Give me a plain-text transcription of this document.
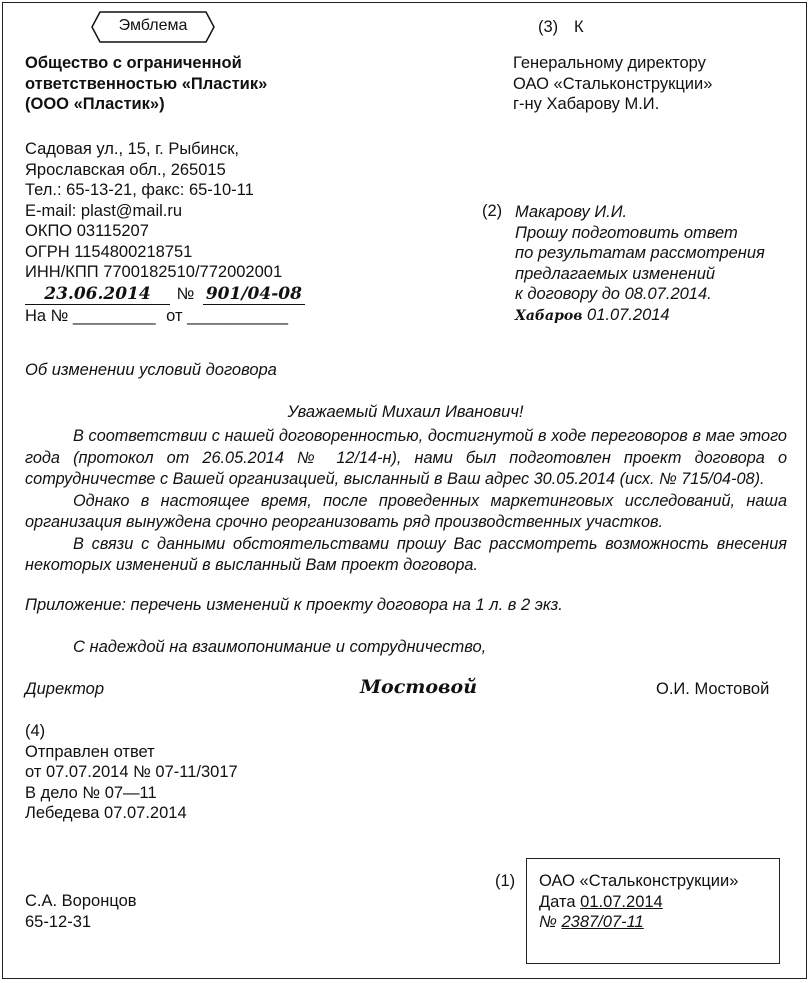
Эмблема	(3) К
Общество с ограниченной
ответственностью «Пластик»
(ООО «Пластик»)
Генеральному директору
ОАО «Стальконструкции»
г-ну Хабарову М.И.
Садовая ул., 15, г. Рыбинск,
Ярославская обл., 265015
Тел.: 65-13-21, факс: 65-10-11
E-mail: plast@mail.ru
ОКПО 03115207
ОГРН 1154800218751
ИНН/КПП 7700182510/772002001
23.06.2014 № 901/04-08
На № _________ от ___________
(2) Макарову И.И.
Прошу подготовить ответ
по результатам рассмотрения
предлагаемых изменений
к договору до 08.07.2014.
Хабаров 01.07.2014
Об изменении условий договора
Уважаемый Михаил Иванович!

В соответствии с нашей договоренностью, достигнутой в ходе переговоров в мае этого года (протокол от 26.05.2014 № 12/14-н), нами был подготовлен проект договора о сотрудничестве с Вашей организацией, высланный в Ваш адрес 30.05.2014 (исх. № 715/04-08).

Однако в настоящее время, после проведенных маркетинговых исследований, наша организация вынуждена срочно реорганизовать ряд производственных участков.

В связи с данными обстоятельствами прошу Вас рассмотреть возможность внесения некоторых изменений в высланный Вам проект договора.

Приложение: перечень изменений к проекту договора на 1 л. в 2 экз.
С надеждой на взаимопонимание и сотрудничество,
Директор	Мостовой	О.И. Мостовой
(4)
Отправлен ответ
от 07.07.2014 № 07-11/3017
В дело № 07—11
Лебедева 07.07.2014
С.А. Воронцов
65-12-31
(1) ОАО «Стальконструкции»
Дата 01.07.2014
№ 2387/07-11
